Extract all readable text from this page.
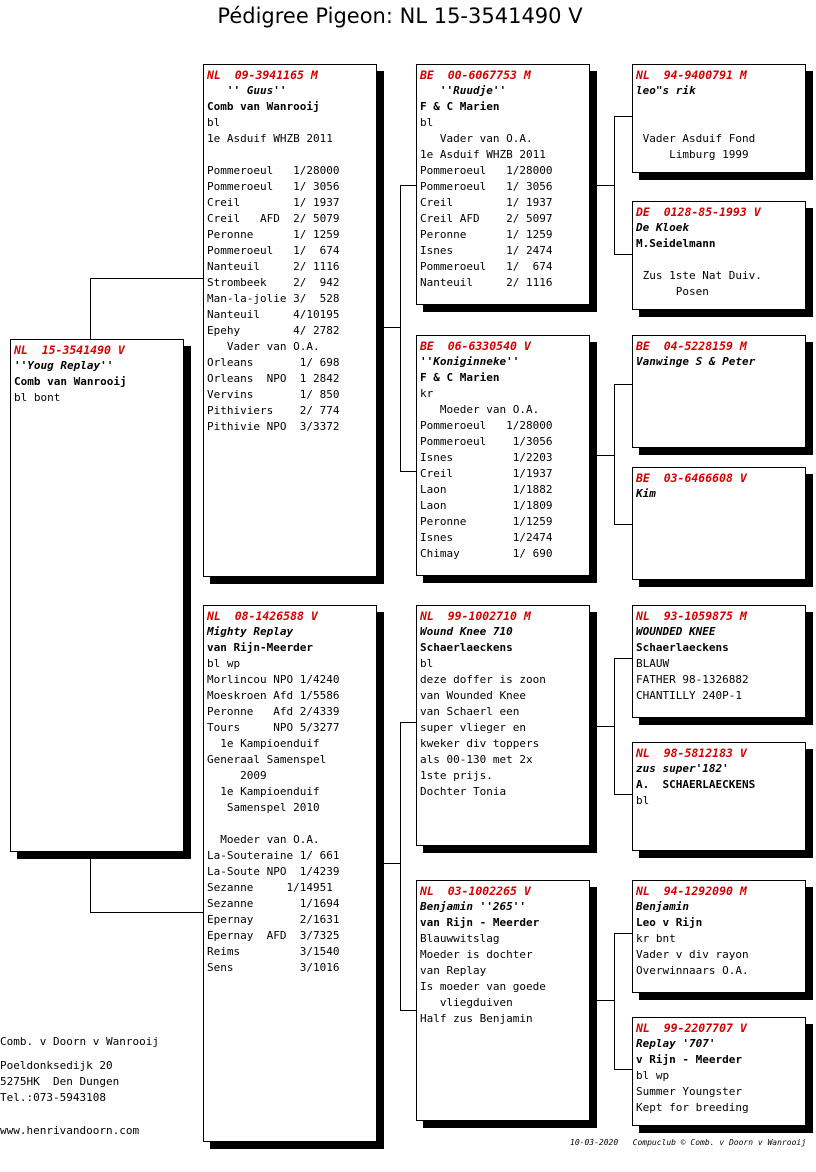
Pédigree Pigeon: NL 15-3541490 V
NL  15-3541490 V
''Youg Replay''
Comb van Wanrooij
bl bont
NL  09-3941165 M
'' Guus''
Comb van Wanrooij
bl
1e Asduif WHZB 2011
Pommeroeul   1/28000
Pommeroeul   1/ 3056
Creil        1/ 1937
Creil   AFD  2/ 5079
Peronne      1/ 1259
Pommeroeul   1/  674
Nanteuil     2/ 1116
Strombeek    2/  942
Man-la-jolie 3/  528
Nanteuil     4/10195
Epehy        4/ 2782
Vader van O.A.
Orleans       1/ 698
Orleans  NPO  1 2842
Vervins       1/ 850
Pithiviers    2/ 774
Pithivie NPO  3/3372
NL  08-1426588 V
Mighty Replay
van Rijn-Meerder
bl wp
Morlincou NPO 1/4240
Moeskroen Afd 1/5586
Peronne   Afd 2/4339
Tours     NPO 5/3277
1e Kampioenduif
Generaal Samenspel
2009
1e Kampioenduif
Samenspel 2010
Moeder van O.A.
La-Souteraine 1/ 661
La-Soute NPO  1/4239
Sezanne     1/14951
Sezanne       1/1694
Epernay       2/1631
Epernay  AFD  3/7325
Reims         3/1540
Sens          3/1016
BE  00-6067753 M
''Ruudje''
F & C Marien
bl
Vader van O.A.
1e Asduif WHZB 2011
Pommeroeul   1/28000
Pommeroeul   1/ 3056
Creil        1/ 1937
Creil AFD    2/ 5097
Peronne      1/ 1259
Isnes        1/ 2474
Pommeroeul   1/  674
Nanteuil     2/ 1116
BE  06-6330540 V
''Koniginneke''
F & C Marien
kr
Moeder van O.A.
Pommeroeul   1/28000
Pommeroeul    1/3056
Isnes         1/2203
Creil         1/1937
Laon          1/1882
Laon          1/1809
Peronne       1/1259
Isnes         1/2474
Chimay        1/ 690
NL  99-1002710 M
Wound Knee 710
Schaerlaeckens
bl
deze doffer is zoon
van Wounded Knee
van Schaerl een
super vlieger en
kweker div toppers
als 00-130 met 2x
1ste prijs.
Dochter Tonia
NL  03-1002265 V
Benjamin ''265''
van Rijn - Meerder
Blauwwitslag
Moeder is dochter
van Replay
Is moeder van goede
vliegduiven
Half zus Benjamin
NL  94-9400791 M
leo"s rik
Vader Asduif Fond
Limburg 1999
DE  0128-85-1993 V
De Kloek
M.Seidelmann
Zus 1ste Nat Duiv.
Posen
BE  04-5228159 M
Vanwinge S & Peter
BE  03-6466608 V
Kim
NL  93-1059875 M
WOUNDED KNEE
Schaerlaeckens
BLAUW
FATHER 98-1326882
CHANTILLY 240P-1
NL  98-5812183 V
zus super'182'
A.  SCHAERLAECKENS
bl
NL  94-1292090 M
Benjamin
Leo v Rijn
kr bnt
Vader v div rayon
Overwinnaars O.A.
NL  99-2207707 V
Replay '707'
v Rijn - Meerder
bl wp
Summer Youngster
Kept for breeding
Comb. v Doorn v Wanrooij
Poeldonksedijk 20
5275HK  Den Dungen
Tel.:073-5943108
www.henrivandoorn.com
10-03-2020 Compuclub © Comb. v Doorn v Wanrooij
